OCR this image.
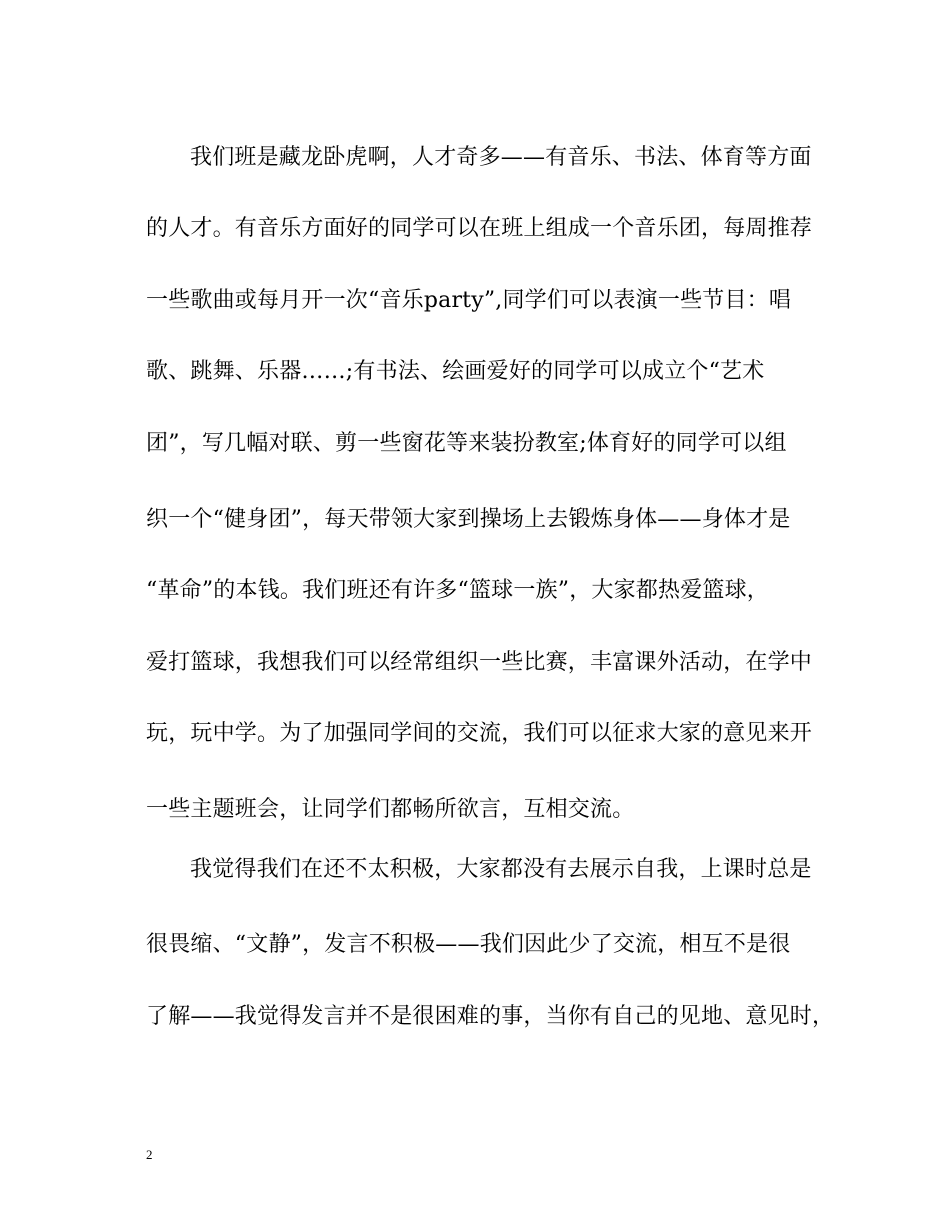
我们班是藏龙卧虎啊，人才奇多——有音乐、书法、体育等方面
的人才。有音乐方面好的同学可以在班上组成一个音乐团，每周推荐
一些歌曲或每月开一次“音乐party”,同学们可以表演一些节目：唱
歌、跳舞、乐器……;有书法、绘画爱好的同学可以成立个“艺术
团”，写几幅对联、剪一些窗花等来装扮教室;体育好的同学可以组
织一个“健身团”，每天带领大家到操场上去锻炼身体——身体才是
“革命”的本钱。我们班还有许多“篮球一族”，大家都热爱篮球，
爱打篮球，我想我们可以经常组织一些比赛，丰富课外活动，在学中
玩，玩中学。为了加强同学间的交流，我们可以征求大家的意见来开
一些主题班会，让同学们都畅所欲言，互相交流。
我觉得我们在还不太积极，大家都没有去展示自我，上课时总是
很畏缩、“文静”，发言不积极——我们因此少了交流，相互不是很
了解——我觉得发言并不是很困难的事，当你有自己的见地、意见时，
2
